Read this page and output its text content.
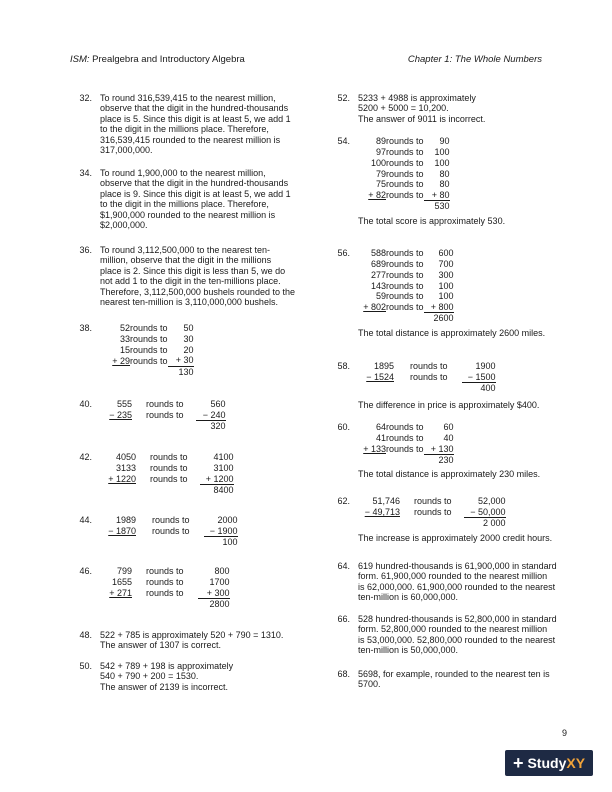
ISM: Prealgebra and Introductory Algebra	Chapter 1: The Whole Numbers
32. To round 316,539,415 to the nearest million,

observe that the digit in the hundred-thousands

place is 5. Since this digit is at least 5, we add 1

to the digit in the millions place. Therefore,

316,539,415 rounded to the nearest million is

317,000,000.

34. To round 1,900,000 to the nearest million,

observe that the digit in the hundred-thousands

place is 9. Since this digit is at least 5, we add 1

to the digit in the millions place. Therefore,

$1,900,000 rounded to the nearest million is

$2,000,000.

36. To round 3,112,500,000 to the nearest ten-

million, observe that the digit in the millions

place is 2. Since this digit is less than 5, we do

not add 1 to the digit in the ten-millions place.

Therefore, 3,112,500,000 bushels rounded to the

nearest ten-million is 3,110,000,000 bushels.

38.	52	rounds to	50
33	rounds to	30
15	rounds to	20
+ 29	rounds to	+ 30
		130
40.	555	rounds to	560
− 235	rounds to	− 240
		320
42.	4050	rounds to	4100
3133	rounds to	3100
+ 1220	rounds to	+ 1200
		8400
44.	1989	rounds to	2000
− 1870	rounds to	− 1900
		100
46.	799	rounds to	800
1655	rounds to	1700
+ 271	rounds to	+ 300
		2800
48. 522 + 785 is approximately 520 + 790 = 1310.

The answer of 1307 is correct.

50. 542 + 789 + 198 is approximately

540 + 790 + 200 = 1530.

The answer of 2139 is incorrect.

52. 5233 + 4988 is approximately

5200 + 5000 = 10,200.

The answer of 9011 is incorrect.

54.	89	rounds to	90
97	rounds to	100
100	rounds to	100
79	rounds to	80
75	rounds to	80
+ 82	rounds to	+ 80
		530

The total score is approximately 530.

56. 588	rounds to	600
689	rounds to	700
277	rounds to	300
143	rounds to	100
59	rounds to	100
+ 802	rounds to	+ 800
		2600

The total distance is approximately 2600 miles.

58.	1895	rounds to	1900
− 1524	rounds to	− 1500
		400

The difference in price is approximately $400.

60.	64	rounds to	60
41	rounds to	40
+ 133	rounds to	+ 130
		230

The total distance is approximately 230 miles.

62. 51,746	rounds to	52,000
− 49,713	rounds to	− 50,000
		2 000

The increase is approximately 2000 credit hours.

64. 619 hundred-thousands is 61,900,000 in standard

form. 61,900,000 rounded to the nearest million

is 62,000,000. 61,900,000 rounded to the nearest

ten-million is 60,000,000.

66. 528 hundred-thousands is 52,800,000 in standard

form. 52,800,000 rounded to the nearest million

is 53,000,000. 52,800,000 rounded to the nearest

ten-million is 50,000,000.

68. 5698, for example, rounded to the nearest ten is

5700.

9
+ Study XY
